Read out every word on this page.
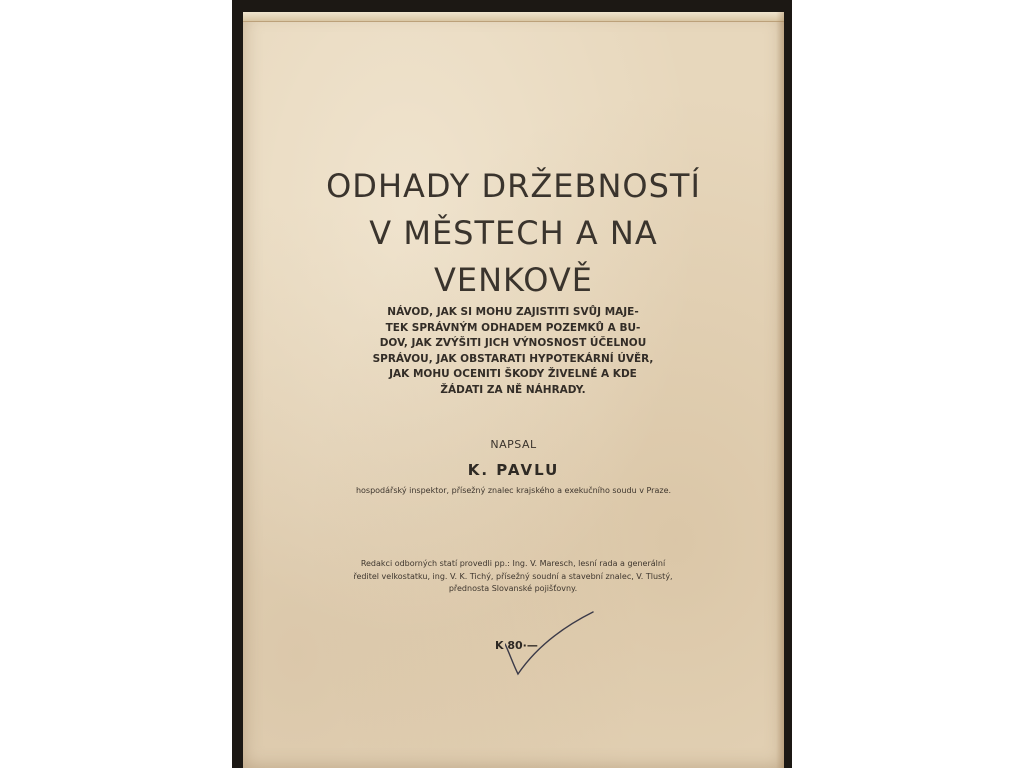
ODHADY DRŽEBNOSTÍ
V MĚSTECH A NA
VENKOVĚ
NÁVOD, JAK SI MOHU ZAJISTITI SVŮJ MAJE-
TEK SPRÁVNÝM ODHADEM POZEMKŮ A BU-
DOV, JAK ZVÝŠITI JICH VÝNOSNOST ÚČELNOU
SPRÁVOU, JAK OBSTARATI HYPOTEKÁRNÍ ÚVĚR,
JAK MOHU OCENITI ŠKODY ŽIVELNÉ A KDE
ŽÁDATI ZA NĚ NÁHRADY.
NAPSAL
K. PAVLU
hospodářský inspektor, přísežný znalec krajského a exekučního soudu v Praze.
Redakci odborných statí provedli pp.: Ing. V. Maresch, lesní rada a generální
ředitel velkostatku, ing. V. K. Tichý, přísežný soudní a stavební znalec, V. Tlustý,
přednosta Slovanské pojišťovny.
K 80·—
